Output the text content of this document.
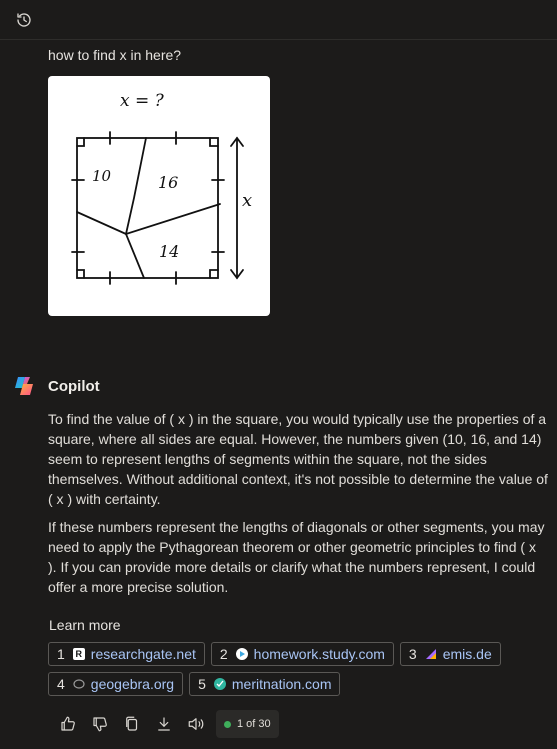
how to find x in here?
x = ?
10	16
14
x
Copilot

To find the value of ( x ) in the square, you would typically use the properties of a square, where all sides are equal. However, the numbers given (10, 16, and 14) seem to represent lengths of segments within the square, not the sides themselves. Without additional context, it's not possible to determine the value of ( x ) with certainty.

If these numbers represent the lengths of diagonals or other segments, you may need to apply the Pythagorean theorem or other geometric principles to find ( x ). If you can provide more details or clarify what the numbers represent, I could offer a more precise solution.

Learn more
1	R researchgate.net 2 homework.study.com 3 emis.de
4 geogebra.org 5 meritnation.com
1 of 30
